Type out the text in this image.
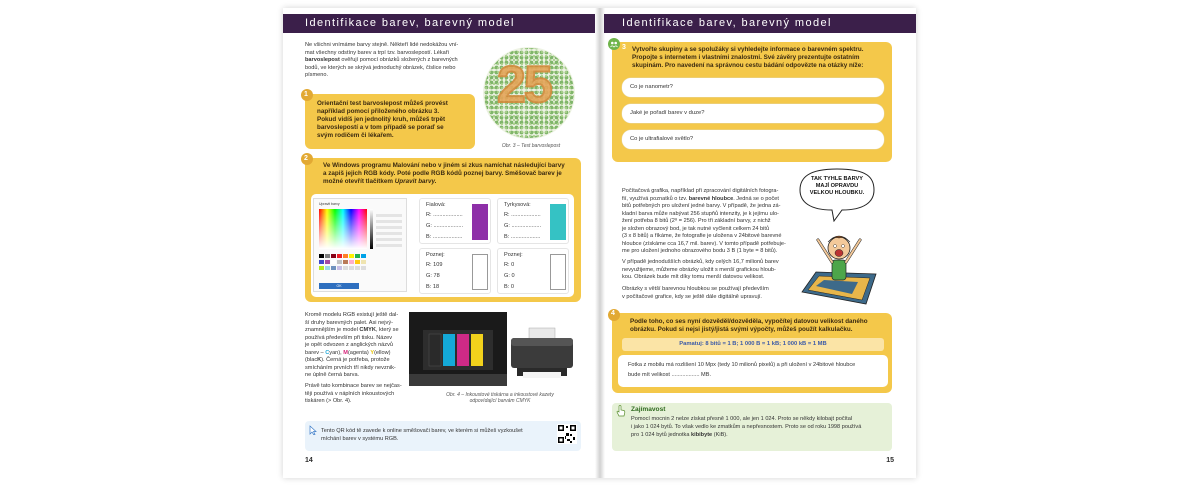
Identifikace barev, barevný model
Ne všichni vnímáme barvy stejně. Někteří lidé nedokážou vní-
mat všechny odstíny barev a trpí tzv. barvoslepostí. Lékaři
barvoslepost ověřují pomocí obrázků složených z barevných
bodů, ve kterých se skrývá jednoduchý obrázek, číslice nebo
písmeno.	25
Obr. 3 – Test barvoslepost
1
Orientační test barvoslepost můžeš provést
například pomocí přiloženého obrázku 3.
Pokud vidíš jen jednolitý kruh, můžeš trpět
barvoslepostí a v tom případě se poraď se
svým rodičem či lékařem.
2
Ve Windows programu Malování nebo v jiném si zkus namíchat následující barvy
a zapiš jejich RGB kódy. Poté podle RGB kódů poznej barvy. Směšovač barev je
možné otevřít tlačítkem Upravit barvy.
Upravit barvy
OK
Fialová:
R: ...................
G: ...................
B: ...................
Tyrkysová:
R: ...................
G: ...................
B: ...................
Poznej:
R: 109
G: 78
B: 18
Poznej:
R: 0
G: 0
B: 0
Kromě modelu RGB existují ještě dal-
ší druhy barevných palet. Asi nejvý-
znamnějším je model CMYK, který se
používá především při tisku. Název
je opět odvozen z anglických názvů
barev – Cyan), M(agenta) Y(ellow)
(blacK). Černá je potřeba, protože
smícháním prvních tří nikdy nevznik-
ne úplně černá barva.
Právě tato kombinace barev se nejčas-
těji používá v náplních inkoustových
tiskáren (> Obr. 4).
Obr. 4 – Inkoustové tiskárna a inkoustové kazety
odpovídající barvám CMYK
Tento QR kód tě zavede k online směšovači barev, ve kterém si můžeš vyzkoušet
míchání barev v systému RGB.
14
Identifikace barev, barevný model
3 Vytvořte skupiny a se spolužáky si vyhledejte informace o barevném spektru.
Propojte s internetem i vlastními znalostmi. Své závěry prezentujte ostatním
skupinám. Pro navedení na správnou cestu bádání odpovězte na otázky níže:
Co je nanometr?
Jaké je pořadí barev v duze?
Co je ultrafialové světlo?
Počítačová grafika, například při zpracování digitálních fotogra-
fií, využívá poznatků o tzv. barevné hloubce. Jedná se o počet
bitů potřebných pro uložení jedné barvy. V případě, že jedna zá-
kladní barva může nabývat 256 stupňů intenzity, je k jejímu ulo-
žení potřeba 8 bitů (2⁸ = 256). Pro tři základní barvy, z nichž
je složen obrazový bod, je tak nutné vyčlenit celkem 24 bitů
(3 x 8 bitů) a říkáme, že fotografie je uložena v 24bitové barevné
hloubce (získáme cca 16,7 mil. barev). V tomto případě potřebuje-
me pro uložení jednoho obrazového bodu 3 B (1 byte = 8 bitů).
V případě jednodušších obrázků, kdy celých 16,7 milionů barev
nevyužijeme, můžeme obrázky uložit s menší grafickou hloub-
kou. Obrázek bude mít díky tomu menší datovou velikost.
Obrázky s větší barevnou hloubkou se používají především
v počítačové grafice, kdy se ještě dále digitálně upravují.
TAK TYHLE BARVY
MAJÍ OPRAVDU
VELKOU HLOUBKU.
4
Podle toho, co ses nyní dozvěděl/dozvěděla, vypočítej datovou velikost daného
obrázku. Pokud si nejsi jistý/jistá svými výpočty, můžeš použít kalkulačku.
Pamatuj: 8 bitů = 1 B; 1 000 B = 1 kB; 1 000 kB = 1 MB
Fotka z mobilu má rozlišení 10 Mpx (tedy 10 milionů pixelů) a při uložení v 24bitové hloubce
bude mít velikost .................. MB.
Zajímavost
Pomocí mocnin 2 nelze získat přesně 1 000, ale jen 1 024. Proto se někdy kilobajt počítal
i jako 1 024 bytů. To však vedlo ke zmatkům a nepřesnostem. Proto se od roku 1998 používá
pro 1 024 bytů jednotka kibibyte (KiB).
15
